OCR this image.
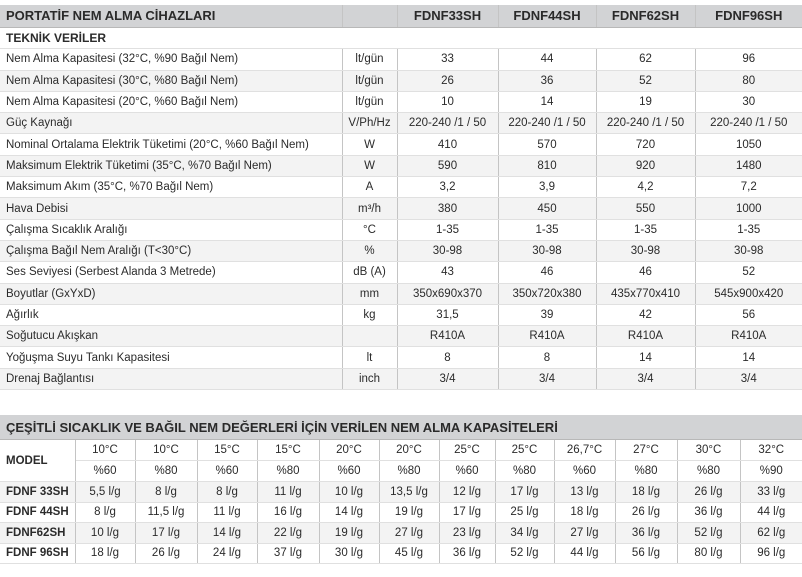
PORTATİF NEM ALMA CİHAZLARI		FDNF33SH	FDNF44SH	FDNF62SH	FDNF96SH
TEKNİK VERİLER					
Nem Alma Kapasitesi (32°C, %90 Bağıl Nem)	lt/gün	33	44	62	96
Nem Alma Kapasitesi (30°C, %80 Bağıl Nem)	lt/gün	26	36	52	80
Nem Alma Kapasitesi (20°C, %60 Bağıl Nem)	lt/gün	10	14	19	30
Güç Kaynağı	V/Ph/Hz	220-240 /1 / 50	220-240 /1 / 50	220-240 /1 / 50	220-240 /1 / 50
Nominal Ortalama Elektrik Tüketimi (20°C, %60 Bağıl Nem)	W	410	570	720	1050
Maksimum Elektrik Tüketimi (35°C, %70 Bağıl Nem)	W	590	810	920	1480
Maksimum Akım (35°C, %70 Bağıl Nem)	A	3,2	3,9	4,2	7,2
Hava Debisi	m³/h	380	450	550	1000
Çalışma Sıcaklık Aralığı	°C	1-35	1-35	1-35	1-35
Çalışma Bağıl Nem Aralığı (T<30°C)	%	30-98	30-98	30-98	30-98
Ses Seviyesi (Serbest Alanda 3 Metrede)	dB (A)	43	46	46	52
Boyutlar (GxYxD)	mm	350x690x370	350x720x380	435x770x410	545x900x420
Ağırlık	kg	31,5	39	42	56
Soğutucu Akışkan		R410A	R410A	R410A	R410A
Yoğuşma Suyu Tankı Kapasitesi	lt	8	8	14	14
Drenaj Bağlantısı	inch	3/4	3/4	3/4	3/4
ÇEŞİTLİ SICAKLIK VE BAĞIL NEM DEĞERLERİ İÇİN VERİLEN NEM ALMA KAPASİTELERİ												
MODEL	10°C	10°C	15°C	15°C	20°C	20°C	25°C	25°C	26,7°C	27°C	30°C	32°C
	%60	%80	%60	%80	%60	%80	%60	%80	%60	%80	%80	%90
FDNF 33SH	5,5 l/g	8 l/g	8 l/g	11 l/g	10 l/g	13,5 l/g	12 l/g	17 l/g	13 l/g	18 l/g	26 l/g	33 l/g
FDNF 44SH	8 l/g	11,5 l/g	11 l/g	16 l/g	14 l/g	19 l/g	17 l/g	25 l/g	18 l/g	26 l/g	36 l/g	44 l/g
FDNF62SH	10 l/g	17 l/g	14 l/g	22 l/g	19 l/g	27 l/g	23 l/g	34 l/g	27 l/g	36 l/g	52 l/g	62 l/g
FDNF 96SH	18 l/g	26 l/g	24 l/g	37 l/g	30 l/g	45 l/g	36 l/g	52 l/g	44 l/g	56 l/g	80 l/g	96 l/g
